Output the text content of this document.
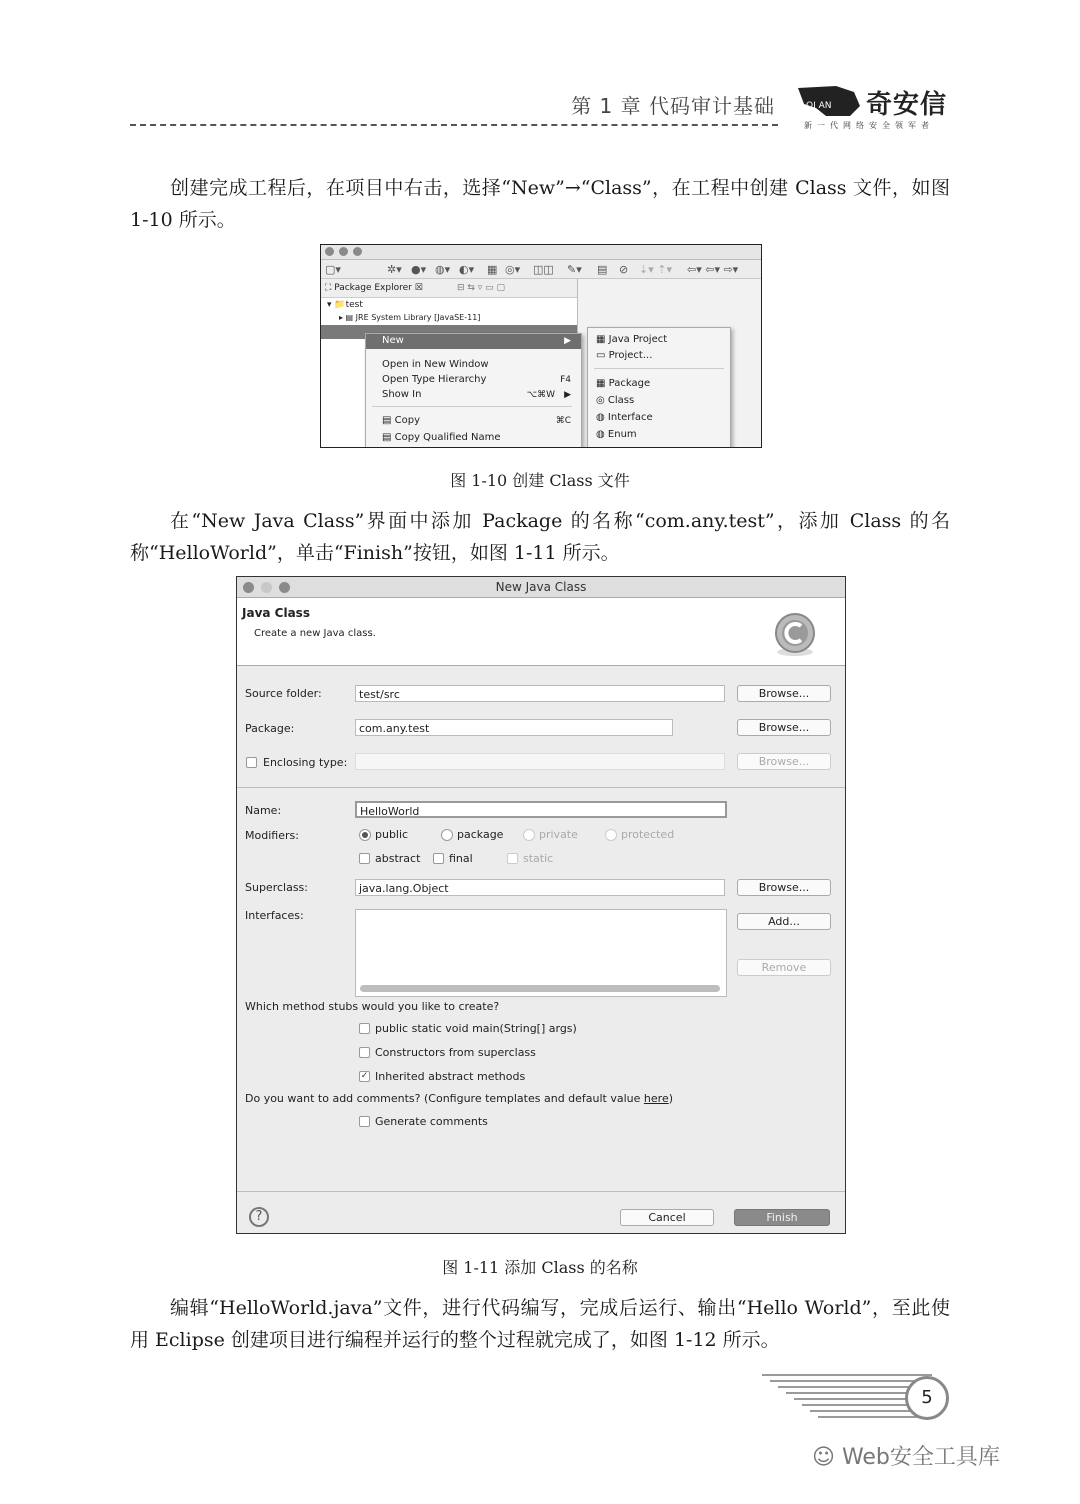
第 1 章 代码审计基础	QI AN 奇安信
新一代网络安全领军者
创建完成工程后，在项目中右击，选择“New”→“Class”，在工程中创建 Class 文件，如图 1-10 所示。
▢▾	✲▾ ●▾ ◍▾ ◐▾ ▦ ◎▾ ◫◫ ✎▾ ▤ ⊘ ⇣▾ ⇡▾ ⇦▾ ⇦▾ ⇨▾
⛶ Package Explorer ☒	⊟ ⇆ ▿ ▭ ▢
▾ 📁test
▸ ▤ JRE System Library [JavaSE-11]
New	▶
Open in New Window
Open Type Hierarchy	F4
Show In	⌥⌘W ▶
▤ Copy	⌘C
▤ Copy Qualified Name
▦ Java Project
▭ Project...
▦ Package
◎ Class
◍ Interface
◍ Enum
图 1-10 创建 Class 文件
在“New Java Class”界面中添加 Package 的名称“com.any.test”，添加 Class 的名称“HelloWorld”，单击“Finish”按钮，如图 1-11 所示。
New Java Class
Java Class
Create a new Java class.
Source folder:	test/src	Browse...
Package:	com.any.test	Browse...
Enclosing type:	Browse...
Name:	HelloWorld
Modifiers:	public	package	private	protected
abstract	final	static
Superclass:	java.lang.Object	Browse...
Interfaces:	Add...
Remove
Which method stubs would you like to create?
public static void main(String[] args)
Constructors from superclass
✓ Inherited abstract methods
Do you want to add comments? (Configure templates and default value here)
Generate comments
?	Cancel	Finish
图 1-11 添加 Class 的名称
编辑“HelloWorld.java”文件，进行代码编写，完成后运行、输出“Hello World”，至此使用 Eclipse 创建项目进行编程并运行的整个过程就完成了，如图 1-12 所示。
5
☺ Web安全工具库
